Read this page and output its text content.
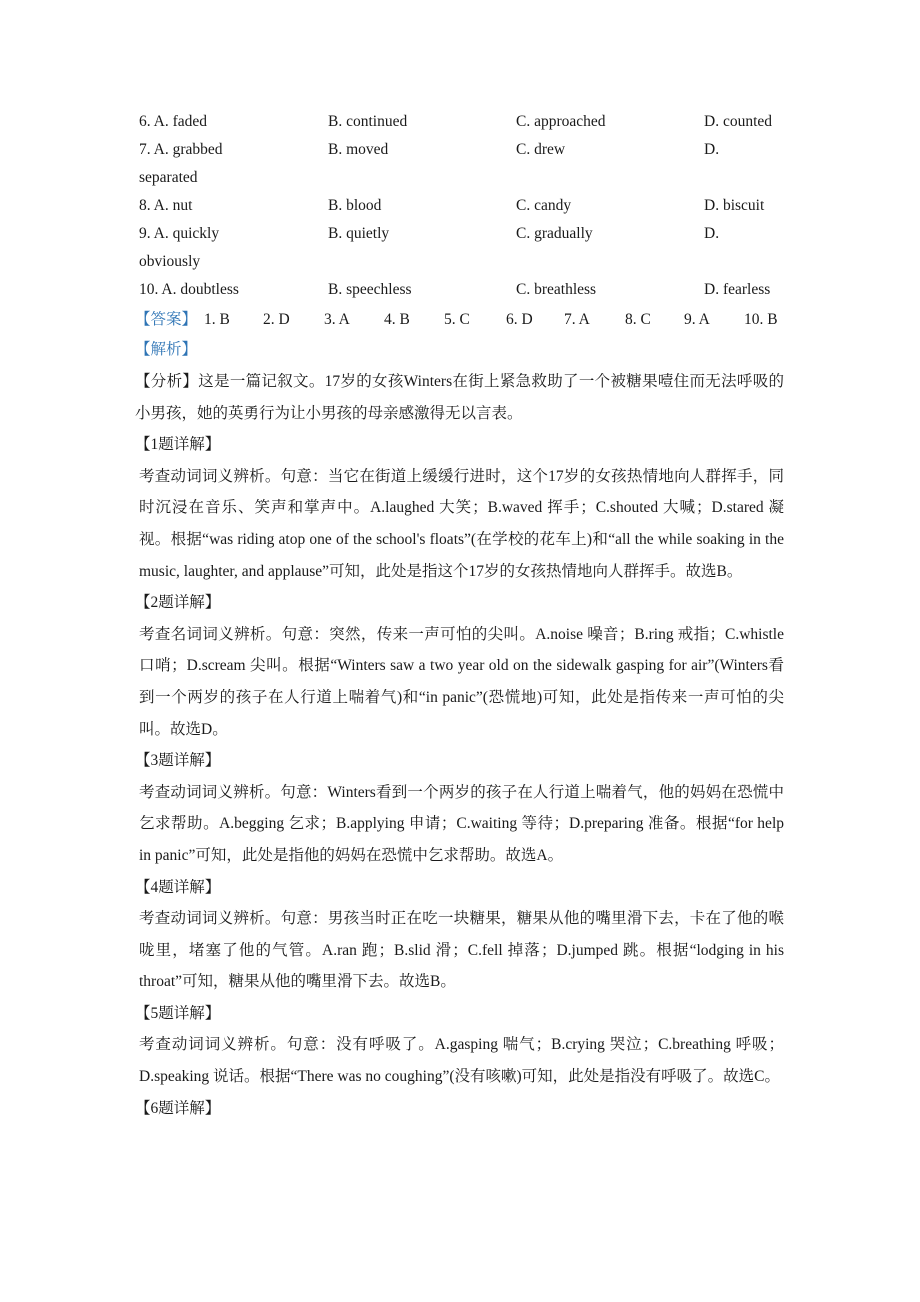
6. A. faded	B. continued	C. approached	D. counted
7. A. grabbed	B. moved	C. drew	D.
separated
8. A. nut	B. blood	C. candy	D. biscuit
9. A. quickly	B. quietly	C. gradually	D.
obviously
10. A. doubtless	B. speechless	C. breathless	D. fearless
【答案】 1. B 2. D 3. A 4. B 5. C 6. D 7. A 8. C 9. A 10. B
【解析】

【分析】这是一篇记叙文。17岁的女孩Winters在街上紧急救助了一个被糖果噎住而无法呼吸的小男孩，她的英勇行为让小男孩的母亲感激得无以言表。

【1题详解】

考查动词词义辨析。句意：当它在街道上缓缓行进时，这个17岁的女孩热情地向人群挥手，同时沉浸在音乐、笑声和掌声中。A.laughed 大笑；B.waved 挥手；C.shouted 大喊；D.stared 凝视。根据“was riding atop one of the school's floats”(在学校的花车上)和“all the while soaking in the music, laughter, and applause”可知，此处是指这个17岁的女孩热情地向人群挥手。故选B。

【2题详解】

考查名词词义辨析。句意：突然，传来一声可怕的尖叫。A.noise 噪音；B.ring 戒指；C.whistle 口哨；D.scream 尖叫。根据“Winters saw a two year old on the sidewalk gasping for air”(Winters看到一个两岁的孩子在人行道上喘着气)和“in panic”(恐慌地)可知，此处是指传来一声可怕的尖叫。故选D。

【3题详解】

考查动词词义辨析。句意：Winters看到一个两岁的孩子在人行道上喘着气，他的妈妈在恐慌中乞求帮助。A.begging 乞求；B.applying 申请；C.waiting 等待；D.preparing 准备。根据“for help in panic”可知，此处是指他的妈妈在恐慌中乞求帮助。故选A。

【4题详解】

考查动词词义辨析。句意：男孩当时正在吃一块糖果，糖果从他的嘴里滑下去，卡在了他的喉咙里，堵塞了他的气管。A.ran 跑；B.slid 滑；C.fell 掉落；D.jumped 跳。根据“lodging in his throat”可知，糖果从他的嘴里滑下去。故选B。

【5题详解】

考查动词词义辨析。句意：没有呼吸了。A.gasping 喘气；B.crying 哭泣；C.breathing 呼吸；D.speaking 说话。根据“There was no coughing”(没有咳嗽)可知，此处是指没有呼吸了。故选C。

【6题详解】
